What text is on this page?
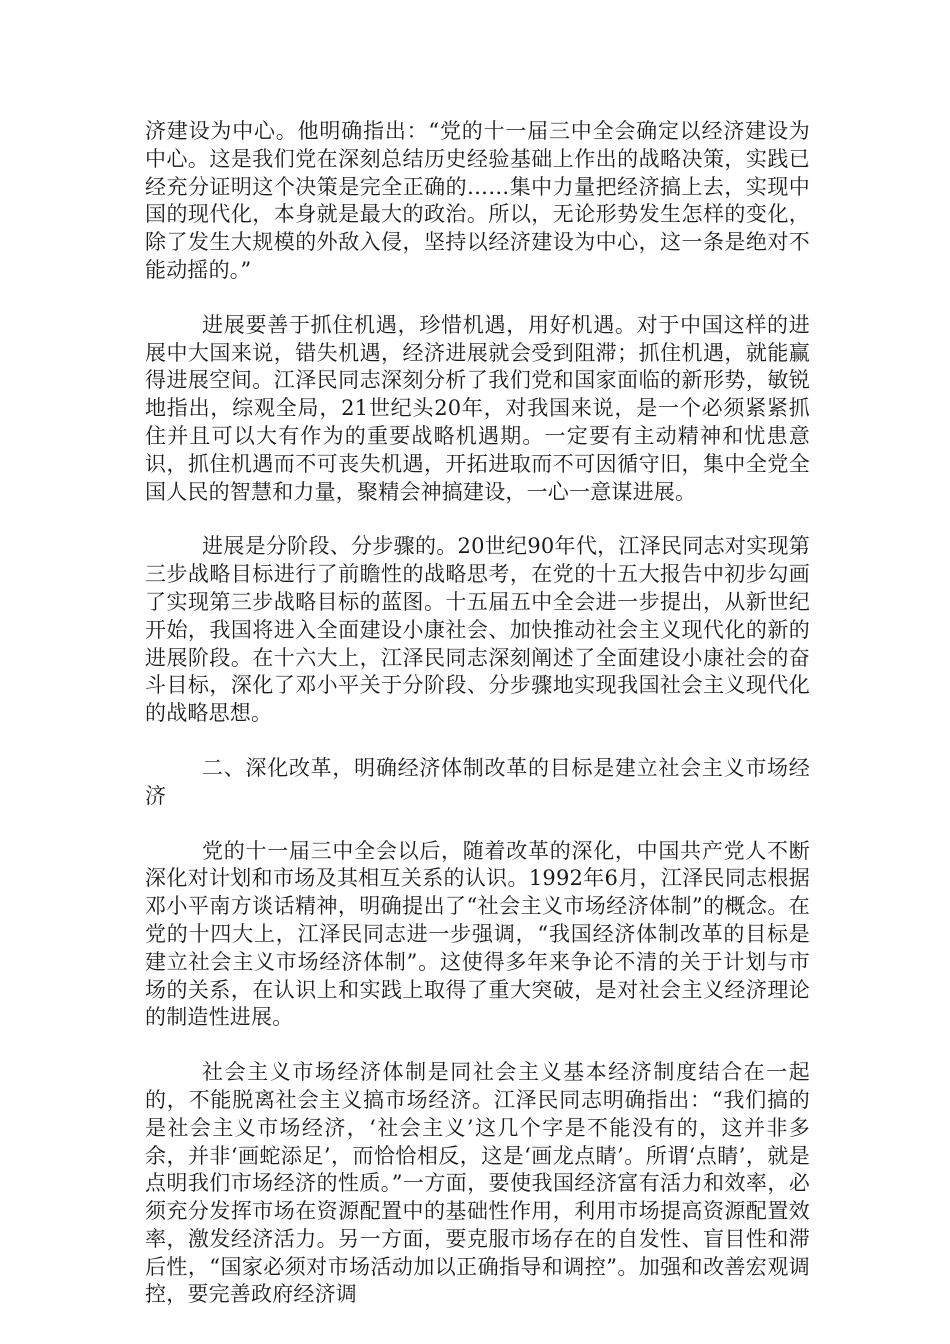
济建设为中心。他明确指出：“党的十一届三中全会确定以经济建设为中心。这是我们党在深刻总结历史经验基础上作出的战略决策，实践已经充分证明这个决策是完全正确的……集中力量把经济搞上去，实现中国的现代化，本身就是最大的政治。所以，无论形势发生怎样的变化，除了发生大规模的外敌入侵，坚持以经济建设为中心，这一条是绝对不能动摇的。”

进展要善于抓住机遇，珍惜机遇，用好机遇。对于中国这样的进展中大国来说，错失机遇，经济进展就会受到阻滞；抓住机遇，就能赢得进展空间。江泽民同志深刻分析了我们党和国家面临的新形势，敏锐地指出，综观全局，21世纪头20年，对我国来说，是一个必须紧紧抓住并且可以大有作为的重要战略机遇期。一定要有主动精神和忧患意识，抓住机遇而不可丧失机遇，开拓进取而不可因循守旧，集中全党全国人民的智慧和力量，聚精会神搞建设，一心一意谋进展。

进展是分阶段、分步骤的。20世纪90年代，江泽民同志对实现第三步战略目标进行了前瞻性的战略思考，在党的十五大报告中初步勾画了实现第三步战略目标的蓝图。十五届五中全会进一步提出，从新世纪开始，我国将进入全面建设小康社会、加快推动社会主义现代化的新的进展阶段。在十六大上，江泽民同志深刻阐述了全面建设小康社会的奋斗目标，深化了邓小平关于分阶段、分步骤地实现我国社会主义现代化的战略思想。

二、深化改革，明确经济体制改革的目标是建立社会主义市场经济

党的十一届三中全会以后，随着改革的深化，中国共产党人不断深化对计划和市场及其相互关系的认识。1992年6月，江泽民同志根据邓小平南方谈话精神，明确提出了“社会主义市场经济体制”的概念。在党的十四大上，江泽民同志进一步强调，“我国经济体制改革的目标是建立社会主义市场经济体制”。这使得多年来争论不清的关于计划与市场的关系，在认识上和实践上取得了重大突破，是对社会主义经济理论的制造性进展。

社会主义市场经济体制是同社会主义基本经济制度结合在一起的，不能脱离社会主义搞市场经济。江泽民同志明确指出：“我们搞的是社会主义市场经济，‘社会主义’这几个字是不能没有的，这并非多余，并非‘画蛇添足’，而恰恰相反，这是‘画龙点睛’。所谓‘点睛’，就是点明我们市场经济的性质。”一方面，要使我国经济富有活力和效率，必须充分发挥市场在资源配置中的基础性作用，利用市场提高资源配置效率，激发经济活力。另一方面，要克服市场存在的自发性、盲目性和滞后性，“国家必须对市场活动加以正确指导和调控”。加强和改善宏观调控，要完善政府经济调
